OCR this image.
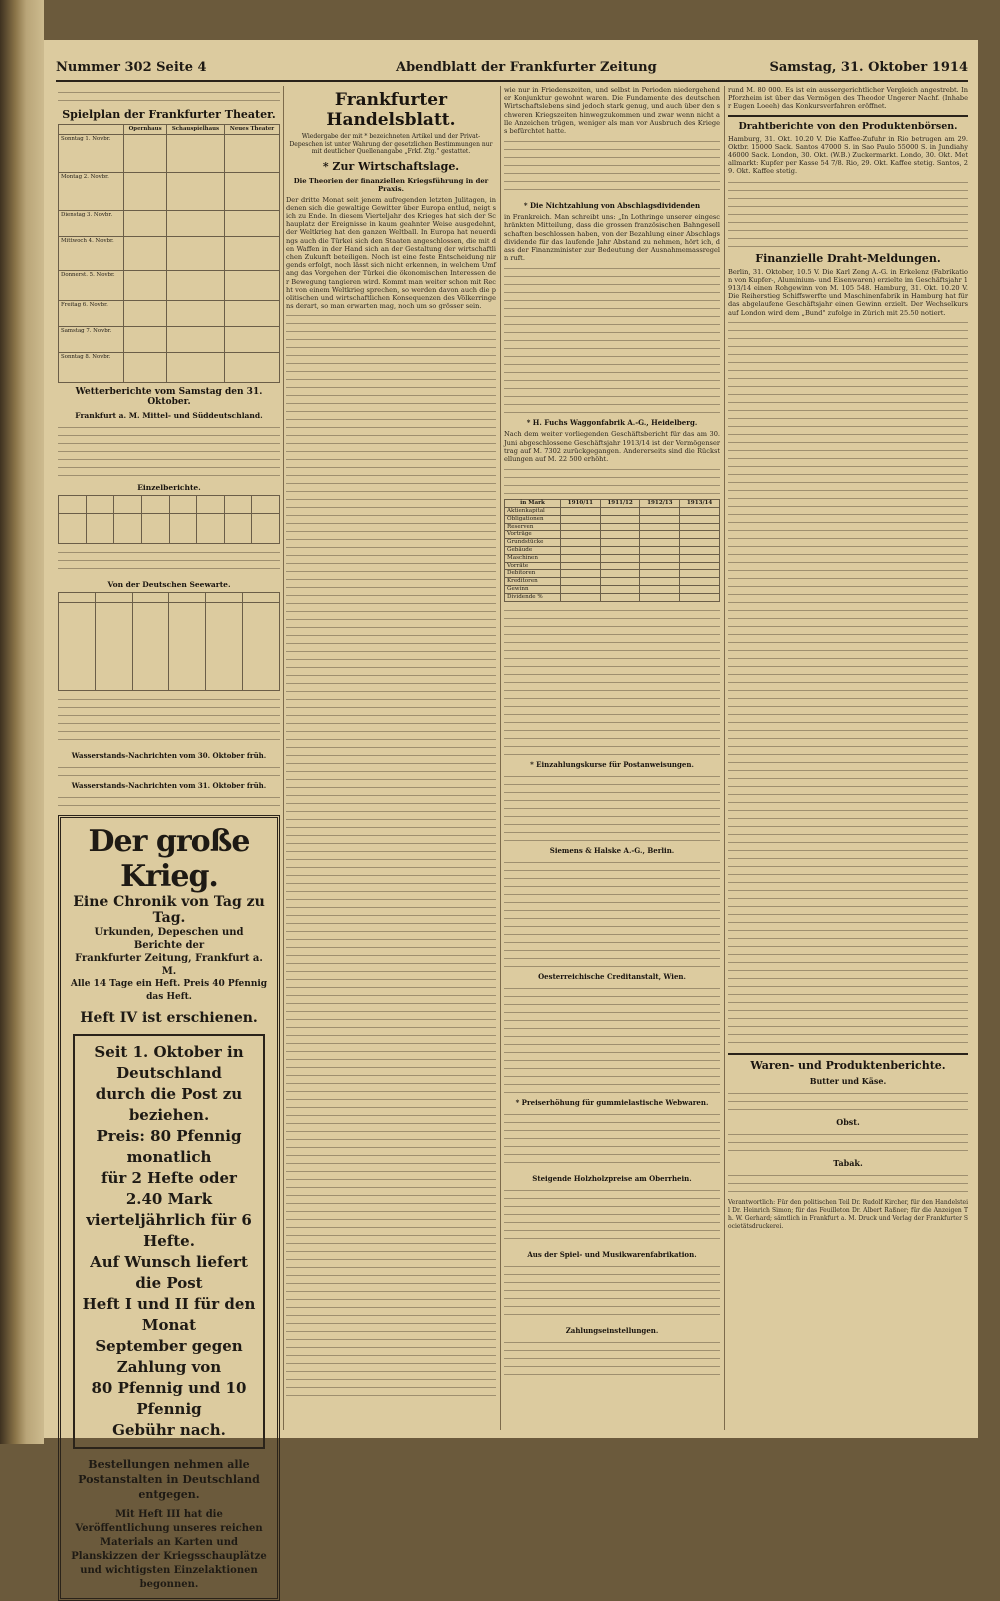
Nummer 302 Seite 4	Abendblatt der Frankfurter Zeitung	Samstag, 31. Oktober 1914
Spielplan der Frankfurter Theater.
	Opernhaus	Schauspielhaus	Neues Theater
Sonntag 1. Novbr.			
Montag 2. Novbr.			
Dienstag 3. Novbr.			
Mittwoch 4. Novbr.			
Donnerst. 5. Novbr.			
Freitag 6. Novbr.			
Samstag 7. Novbr.			
Sonntag 8. Novbr.			
Wetterberichte vom Samstag den 31. Oktober.
Frankfurt a. M. Mittel- und Süddeutschland.
Einzelberichte.

Von der Deutschen Seewarte.

Wasserstands-Nachrichten vom 30. Oktober früh.
Wasserstands-Nachrichten vom 31. Oktober früh.
Der große Krieg.
Eine Chronik von Tag zu Tag.
Urkunden, Depeschen und Berichte der
Frankfurter Zeitung, Frankfurt a. M.
Alle 14 Tage ein Heft. Preis 40 Pfennig das Heft.
Heft IV ist erschienen.

Seit 1. Oktober in Deutschland

durch die Post zu beziehen.

Preis: 80 Pfennig monatlich

für 2 Hefte oder 2.40 Mark

vierteljährlich für 6 Hefte.

Auf Wunsch liefert die Post

Heft I und II für den Monat

September gegen Zahlung von

80 Pfennig und 10 Pfennig

Gebühr nach.

Bestellungen nehmen alle Postanstalten in Deutschland entgegen.
Mit Heft III hat die Veröffentlichung unseres reichen Materials an Karten und Planskizzen der Kriegsschauplätze und wichtigsten Einzelaktionen begonnen.
Frankfurter Handelsblatt.
Wiedergabe der mit * bezeichneten Artikel und der Privat-Depeschen ist unter Wahrung der gesetzlichen Bestimmungen nur mit deutlicher Quellenangabe „Frkf. Ztg." gestattet.
* Zur Wirtschaftslage.
Die Theorien der finanziellen Kriegsführung in der Praxis.

Der dritte Monat seit jenem aufregenden letzten Julitagen, in denen sich die gewaltige Gewitter über Europa entlud, neigt sich zu Ende. In diesem Vierteljahr des Krieges hat sich der Schauplatz der Ereignisse in kaum geahnter Weise ausgedehnt, der Weltkrieg hat den ganzen Weltball. In Europa hat neuerdings auch die Türkei sich den Staaten angeschlossen, die mit den Waffen in der Hand sich an der Gestaltung der wirtschaftlichen Zukunft beteiligen. Noch ist eine feste Entscheidung nirgends erfolgt, noch lässt sich nicht erkennen, in welchem Umfang das Vorgehen der Türkei die ökonomischen Interessen der Bewegung tangieren wird. Kommt man weiter schon mit Recht von einem Weltkrieg sprechen, so werden davon auch die politischen und wirtschaftlichen Konsequenzen des Völkerringens derart, so man erwarten mag, noch um so grösser sein.

wie nur in Friedenszeiten, und selbst in Perioden niedergehender Konjunktur gewohnt waren. Die Fundamente des deutschen Wirtschaftslebens sind jedoch stark genug, und auch über den schweren Kriegszeiten hinwegzukommen und zwar wenn nicht alle Anzeichen trügen, weniger als man vor Ausbruch des Krieges befürchtet hatte.

* Die Nichtzahlung von Abschlagsdividenden

in Frankreich. Man schreibt uns: „In Lothringe unserer eingeschränkten Mitteilung, dass die grossen französischen Bahngesellschaften beschlossen haben, von der Bezahlung einer Abschlagsdividende für das laufende Jahr Abstand zu nehmen, hört ich, dass der Finanzminister zur Bedeutung der Ausnahmemassregeln ruft.

* H. Fuchs Waggonfabrik A.-G., Heidelberg.

Nach dem weiter vorliegenden Geschäftsbericht für das am 30. Juni abgeschlossene Geschäftsjahr 1913/14 ist der Vermögensertrag auf M. 7302 zurückgegangen. Andererseits sind die Rückstellungen auf M. 22 500 erhöht.

in Mark	1910/11	1911/12	1912/13	1913/14
Aktienkapital				
Obligationen				
Reserven				
Vorträge				
Grundstücke				
Gebäude				
Maschinen				
Vorräte				
Debitoren				
Kreditoren				
Gewinn				
Dividende %				
* Einzahlungskurse für Postanweisungen.
Siemens & Halske A.-G., Berlin.
Oesterreichische Creditanstalt, Wien.
* Preiserhöhung für gummielastische Webwaren.
Steigende Holzholzpreise am Oberrhein.
Aus der Spiel- und Musikwarenfabrikation.
Zahlungseinstellungen.

rund M. 80 000. Es ist ein aussergerichtlicher Vergleich angestrebt. In Pforzheim ist über das Vermögen des Theodor Ungerer Nachf. (Inhaber Eugen Loeeh) das Konkursverfahren eröffnet.

Drahtberichte von den Produktenbörsen.

Hamburg, 31. Okt. 10.20 V. Die Kaffee-Zufuhr in Rio betrugen am 29. Oktbr. 15000 Sack. Santos 47000 S. in Sao Paulo 55000 S. in Jundiahy 46000 Sack. London, 30. Okt. (W.B.) Zuckermarkt. Londo, 30. Okt. Metallmarkt: Kupfer per Kasse 54 7/8. Rio, 29. Okt. Kaffee stetig. Santos, 29. Okt. Kaffee stetig.

Finanzielle Draht-Meldungen.

Berlin, 31. Oktober, 10.5 V. Die Karl Zeng A.-G. in Erkelenz (Fabrikation von Kupfer-, Aluminium- und Eisenwaren) erzielte im Geschäftsjahr 1913/14 einen Rohgewinn von M. 105 548. Hamburg, 31. Okt. 10.20 V. Die Reiherstieg Schiffswerfte und Maschinenfabrik in Hamburg hat für das abgelaufene Geschäftsjahr einen Gewinn erzielt. Der Wechselkurs auf London wird dem „Bund" zufolge in Zürich mit 25.50 notiert.

Waren- und Produktenberichte.
Butter und Käse.
Obst.
Tabak.

Verantwortlich: Für den politischen Teil Dr. Rudolf Kircher, für den Handelsteil Dr. Heinrich Simon; für das Feuilleton Dr. Albert Raßner; für die Anzeigen Th. W. Gerhard; sämtlich in Frankfurt a. M. Druck und Verlag der Frankfurter Societätsdruckerei.
